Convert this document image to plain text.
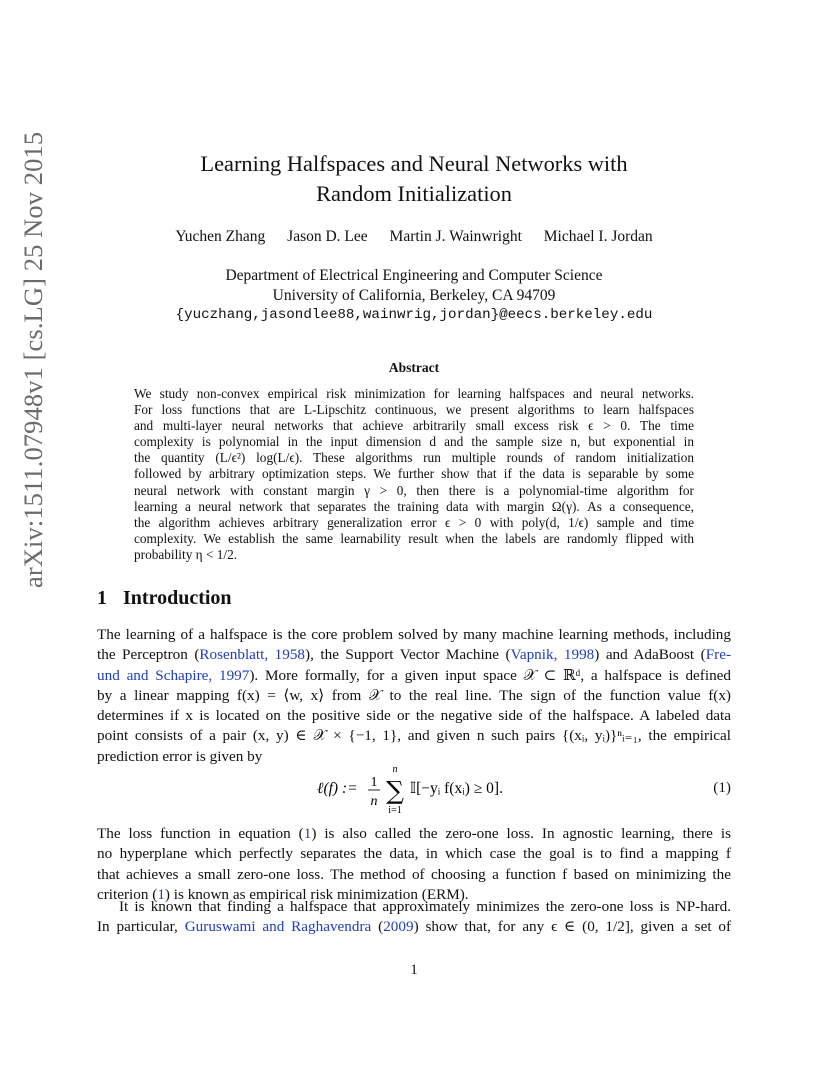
arXiv:1511.07948v1 [cs.LG] 25 Nov 2015	Learning Halfspaces and Neural Networks with
Random Initialization
Yuchen Zhang Jason D. Lee Martin J. Wainwright Michael I. Jordan
Department of Electrical Engineering and Computer Science
University of California, Berkeley, CA 94709
{yuczhang,jasondlee88,wainwrig,jordan}@eecs.berkeley.edu
Abstract
We study non-convex empirical risk minimization for learning halfspaces and neural networks.
For loss functions that are L-Lipschitz continuous, we present algorithms to learn halfspaces
and multi-layer neural networks that achieve arbitrarily small excess risk ϵ > 0. The time
complexity is polynomial in the input dimension d and the sample size n, but exponential in
the quantity (L/ϵ²) log(L/ϵ). These algorithms run multiple rounds of random initialization
followed by arbitrary optimization steps. We further show that if the data is separable by some
neural network with constant margin γ > 0, then there is a polynomial-time algorithm for
learning a neural network that separates the training data with margin Ω(γ). As a consequence,
the algorithm achieves arbitrary generalization error ϵ > 0 with poly(d, 1/ϵ) sample and time
complexity. We establish the same learnability result when the labels are randomly flipped with
probability η < 1/2.
1 Introduction
The learning of a halfspace is the core problem solved by many machine learning methods, including
the Perceptron (Rosenblatt, 1958), the Support Vector Machine (Vapnik, 1998) and AdaBoost (Fre-
und and Schapire, 1997). More formally, for a given input space 𝒳 ⊂ ℝᵈ, a halfspace is defined
by a linear mapping f(x) = ⟨w, x⟩ from 𝒳 to the real line. The sign of the function value f(x)
determines if x is located on the positive side or the negative side of the halfspace. A labeled data
point consists of a pair (x, y) ∈ 𝒳 × {−1, 1}, and given n such pairs {(xᵢ, yᵢ)}ⁿᵢ₌₁, the empirical
prediction error is given by
ℓ(f) := 1
n
n
∑
i=1
𝕀[−yᵢ f(xᵢ) ≥ 0].	(1)
The loss function in equation (1) is also called the zero-one loss. In agnostic learning, there is
no hyperplane which perfectly separates the data, in which case the goal is to find a mapping f
that achieves a small zero-one loss. The method of choosing a function f based on minimizing the
criterion (1) is known as empirical risk minimization (ERM).
It is known that finding a halfspace that approximately minimizes the zero-one loss is NP-hard.
In particular, Guruswami and Raghavendra (2009) show that, for any ϵ ∈ (0, 1/2], given a set of
1
